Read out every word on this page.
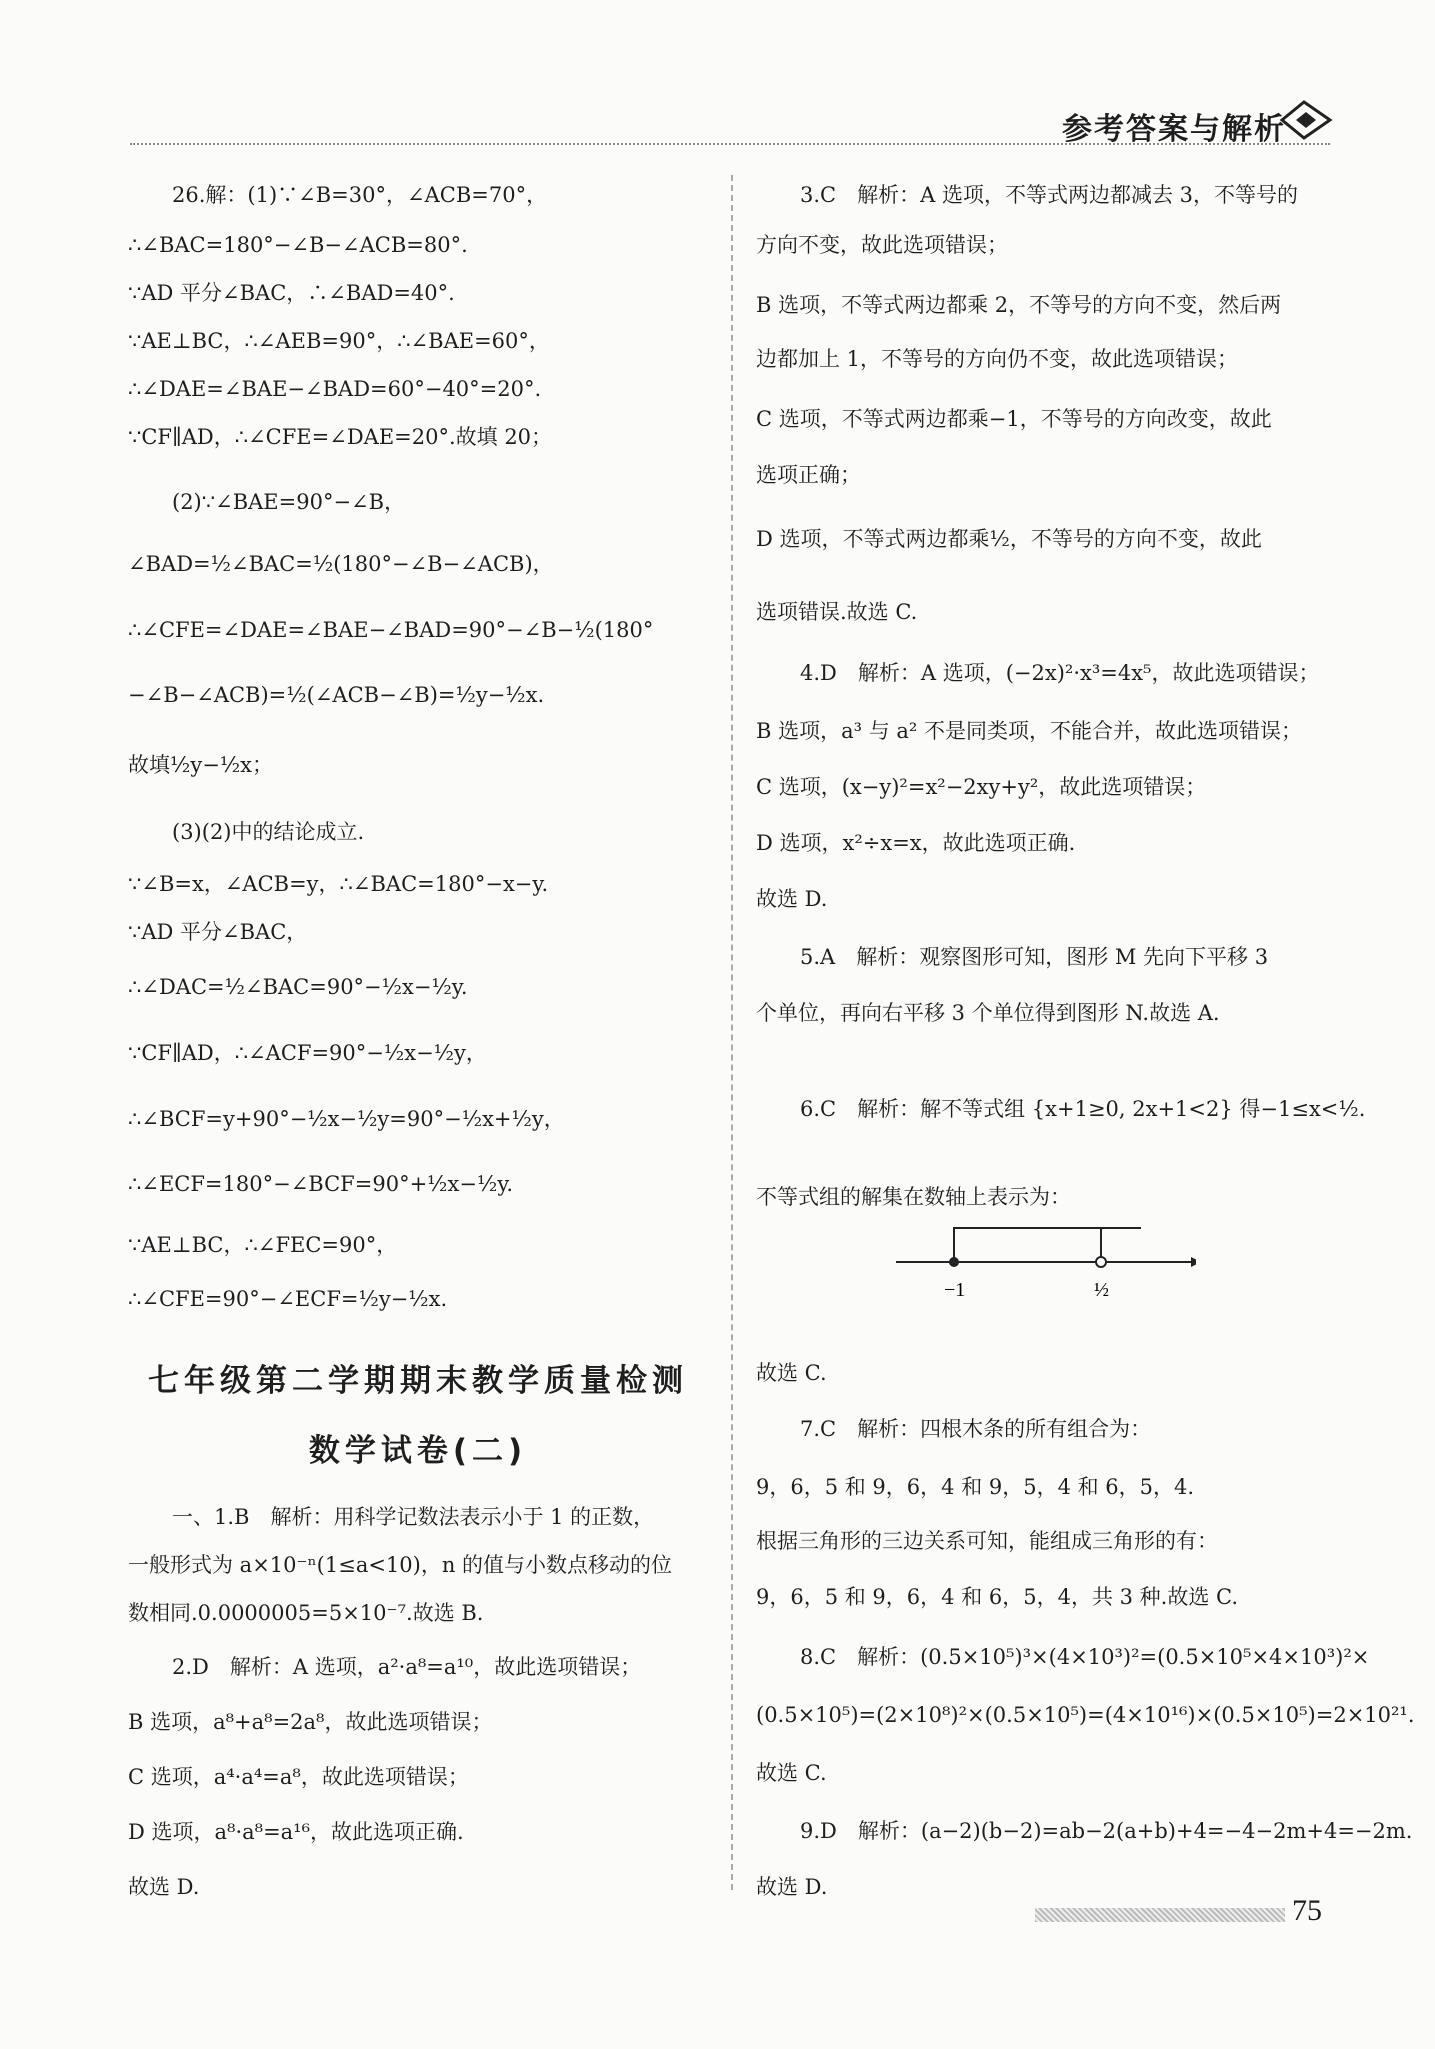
参考答案与解析
26.解：(1)∵∠B=30°，∠ACB=70°，
∴∠BAC=180°−∠B−∠ACB=80°.
∵AD 平分∠BAC，∴∠BAD=40°.
∵AE⊥BC，∴∠AEB=90°，∴∠BAE=60°，
∴∠DAE=∠BAE−∠BAD=60°−40°=20°.
∵CF∥AD，∴∠CFE=∠DAE=20°.故填 20；
(2)∵∠BAE=90°−∠B，
∠BAD=½∠BAC=½(180°−∠B−∠ACB)，
∴∠CFE=∠DAE=∠BAE−∠BAD=90°−∠B−½(180°
−∠B−∠ACB)=½(∠ACB−∠B)=½y−½x.
故填½y−½x；
(3)(2)中的结论成立.
∵∠B=x，∠ACB=y，∴∠BAC=180°−x−y.
∵AD 平分∠BAC，
∴∠DAC=½∠BAC=90°−½x−½y.
∵CF∥AD，∴∠ACF=90°−½x−½y，
∴∠BCF=y+90°−½x−½y=90°−½x+½y，
∴∠ECF=180°−∠BCF=90°+½x−½y.
∵AE⊥BC，∴∠FEC=90°，
∴∠CFE=90°−∠ECF=½y−½x.
七年级第二学期期末教学质量检测
数学试卷(二)
一、1.B　解析：用科学记数法表示小于 1 的正数，
一般形式为 a×10⁻ⁿ(1≤a<10)，n 的值与小数点移动的位
数相同.0.0000005=5×10⁻⁷.故选 B.
2.D　解析：A 选项，a²·a⁸=a¹⁰，故此选项错误；
B 选项，a⁸+a⁸=2a⁸，故此选项错误；
C 选项，a⁴·a⁴=a⁸，故此选项错误；
D 选项，a⁸·a⁸=a¹⁶，故此选项正确.
故选 D.
3.C　解析：A 选项，不等式两边都减去 3，不等号的
方向不变，故此选项错误；
B 选项，不等式两边都乘 2，不等号的方向不变，然后两
边都加上 1，不等号的方向仍不变，故此选项错误；
C 选项，不等式两边都乘−1，不等号的方向改变，故此
选项正确；
D 选项，不等式两边都乘½，不等号的方向不变，故此
选项错误.故选 C.
4.D　解析：A 选项，(−2x)²·x³=4x⁵，故此选项错误；
B 选项，a³ 与 a² 不是同类项，不能合并，故此选项错误；
C 选项，(x−y)²=x²−2xy+y²，故此选项错误；
D 选项，x²÷x=x，故此选项正确.
故选 D.
5.A　解析：观察图形可知，图形 M 先向下平移 3
个单位，再向右平移 3 个单位得到图形 N.故选 A.
6.C　解析：解不等式组 {x+1≥0, 2x+1<2} 得−1≤x<½.
不等式组的解集在数轴上表示为：
−1	½
故选 C.
7.C　解析：四根木条的所有组合为：
9，6，5 和 9，6，4 和 9，5，4 和 6，5，4.
根据三角形的三边关系可知，能组成三角形的有：
9，6，5 和 9，6，4 和 6，5，4，共 3 种.故选 C.
8.C　解析：(0.5×10⁵)³×(4×10³)²=(0.5×10⁵×4×10³)²×
(0.5×10⁵)=(2×10⁸)²×(0.5×10⁵)=(4×10¹⁶)×(0.5×10⁵)=2×10²¹.
故选 C.
9.D　解析：(a−2)(b−2)=ab−2(a+b)+4=−4−2m+4=−2m.
故选 D.
75
